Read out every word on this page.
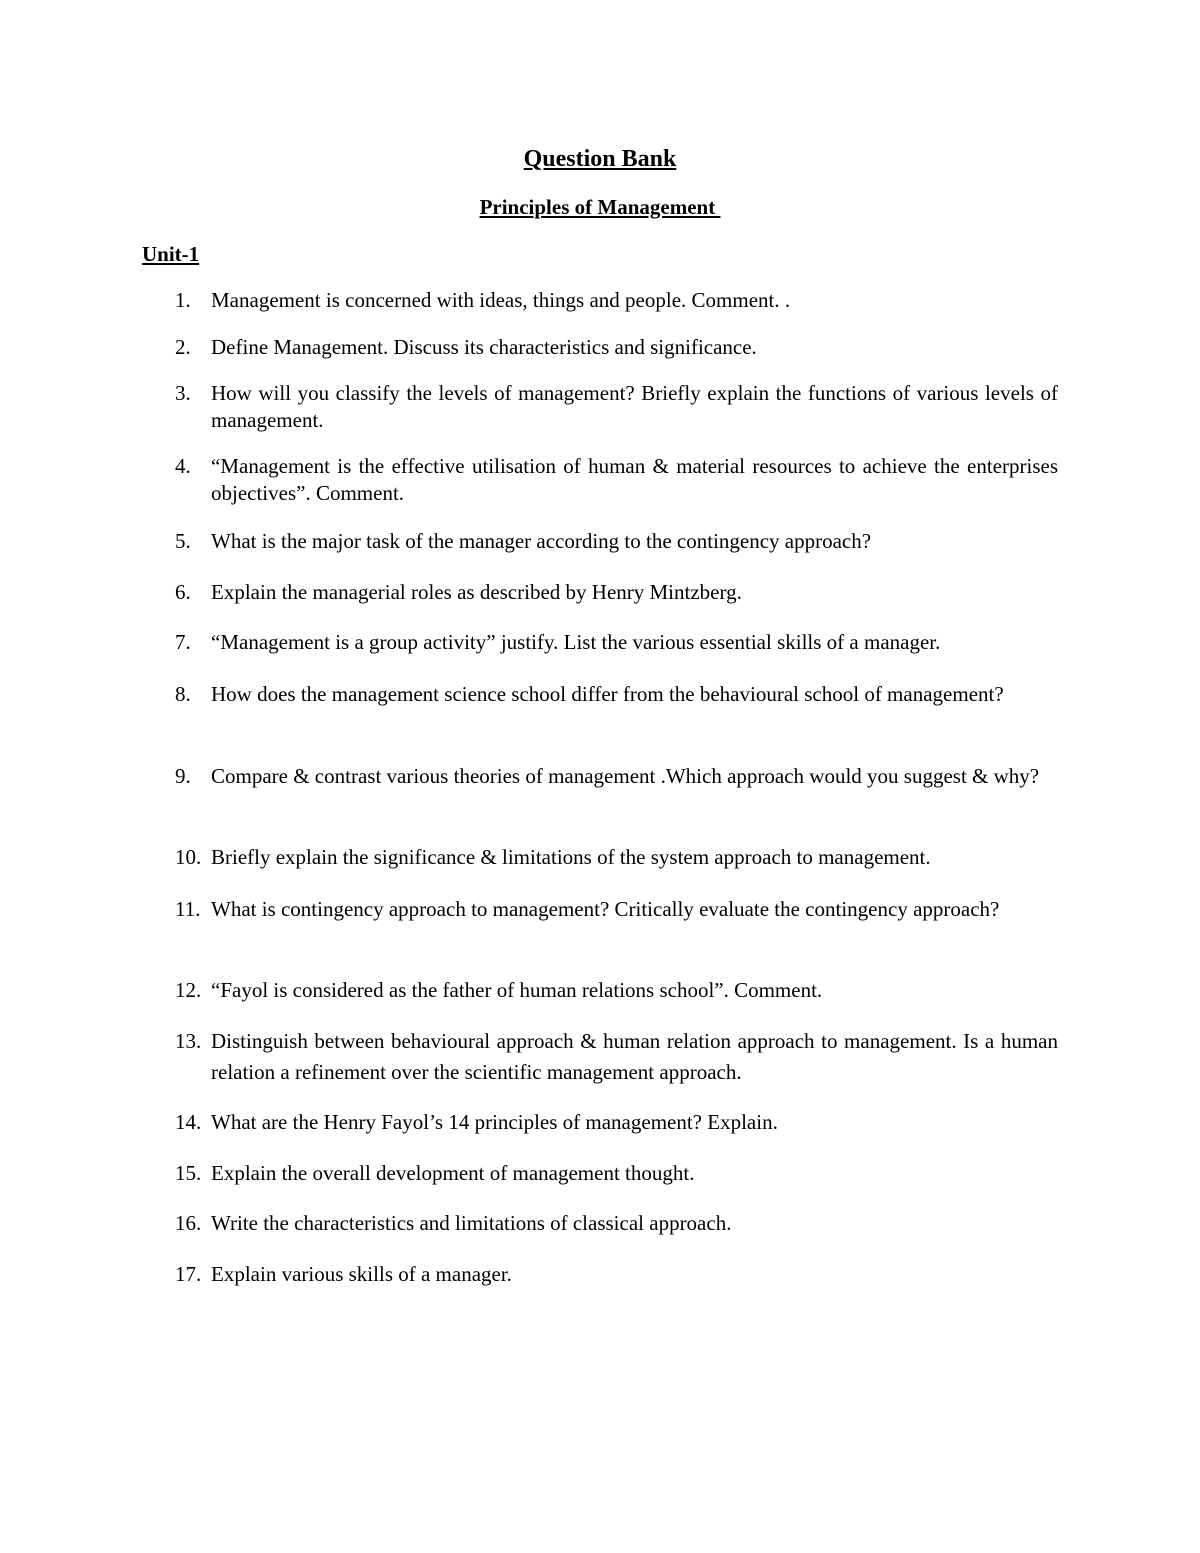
Question Bank
Principles of Management
Unit-1
1. Management is concerned with ideas, things and people. Comment. .
2. Define Management. Discuss its characteristics and significance.
3. How will you classify the levels of management? Briefly explain the functions of various levels of management.
4. “Management is the effective utilisation of human & material resources to achieve the enterprises objectives”. Comment.
5. What is the major task of the manager according to the contingency approach?
6. Explain the managerial roles as described by Henry Mintzberg.
7. “Management is a group activity” justify. List the various essential skills of a manager.
8. How does the management science school differ from the behavioural school of management?
9. Compare & contrast various theories of management .Which approach would you suggest & why?
10. Briefly explain the significance & limitations of the system approach to management.
11. What is contingency approach to management? Critically evaluate the contingency approach?
12. “Fayol is considered as the father of human relations school”. Comment.
13. Distinguish between behavioural approach & human relation approach to management. Is a human relation a refinement over the scientific management approach.
14. What are the Henry Fayol’s 14 principles of management? Explain.
15. Explain the overall development of management thought.
16. Write the characteristics and limitations of classical approach.
17. Explain various skills of a manager.
